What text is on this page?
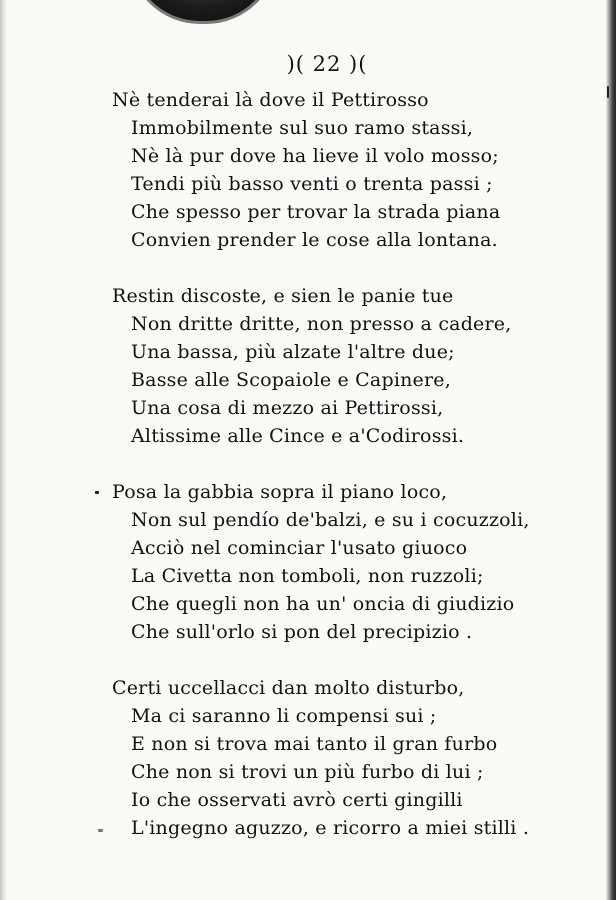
)( 22 )(
Nè tenderai là dove il Pettirosso
Immobilmente sul suo ramo stassi,
Nè là pur dove ha lieve il volo mosso;
Tendi più basso venti o trenta passi ;
Che spesso per trovar la strada piana
Convien prender le cose alla lontana.
Restin discoste, e sien le panie tue
Non dritte dritte, non presso a cadere,
Una bassa, più alzate l'altre due;
Basse alle Scopaiole e Capinere,
Una cosa di mezzo ai Pettirossi,
Altissime alle Cince e a'Codirossi.
Posa la gabbia sopra il piano loco,
Non sul pendío de'balzi, e su i cocuzzoli,
Acciò nel cominciar l'usato giuoco
La Civetta non tomboli, non ruzzoli;
Che quegli non ha un' oncia di giudizio
Che sull'orlo si pon del precipizio .
Certi uccellacci dan molto disturbo,
Ma ci saranno li compensi sui ;
E non si trova mai tanto il gran furbo
Che non si trovi un più furbo di lui ;
Io che osservati avrò certi gingilli
L'ingegno aguzzo, e ricorro a miei stilli .
